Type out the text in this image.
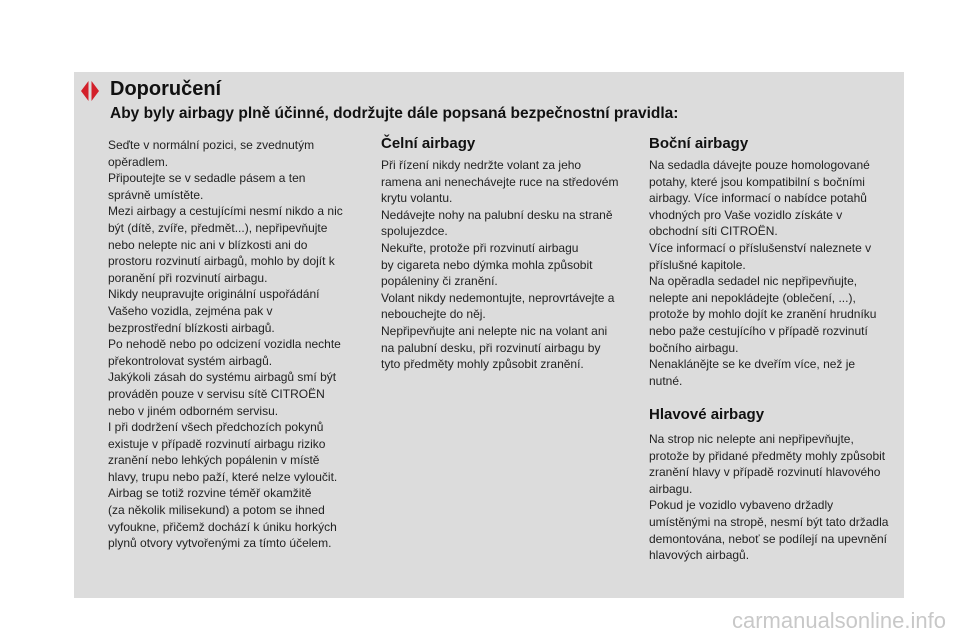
Doporučení
Aby byly airbagy plně účinné, dodržujte dále popsaná bezpečnostní pravidla:

Seďte v normální pozici, se zvednutým
opěradlem.
Připoutejte se v sedadle pásem a ten
správně umístěte.
Mezi airbagy a cestujícími nesmí nikdo a nic
být (dítě, zvíře, předmět...), nepřipevňujte
nebo nelepte nic ani v blízkosti ani do
prostoru rozvinutí airbagů, mohlo by dojít k
poranění při rozvinutí airbagu.
Nikdy neupravujte originální uspořádání
Vašeho vozidla, zejména pak v
bezprostřední blízkosti airbagů.
Po nehodě nebo po odcizení vozidla nechte
překontrolovat systém airbagů.
Jakýkoli zásah do systému airbagů smí být
prováděn pouze v servisu sítě CITROËN
nebo v jiném odborném servisu.
I při dodržení všech předchozích pokynů
existuje v případě rozvinutí airbagu riziko
zranění nebo lehkých popálenin v místě
hlavy, trupu nebo paží, které nelze vyloučit.
Airbag se totiž rozvine téměř okamžitě
(za několik milisekund) a potom se ihned
vyfoukne, přičemž dochází k úniku horkých
plynů otvory vytvořenými za tímto účelem.

Čelní airbagy

Při řízení nikdy nedržte volant za jeho
ramena ani nenechávejte ruce na středovém
krytu volantu.
Nedávejte nohy na palubní desku na straně
spolujezdce.
Nekuřte, protože při rozvinutí airbagu
by cigareta nebo dýmka mohla způsobit
popáleniny či zranění.
Volant nikdy nedemontujte, neprovrtávejte a
nebouchejte do něj.
Nepřipevňujte ani nelepte nic na volant ani
na palubní desku, při rozvinutí airbagu by
tyto předměty mohly způsobit zranění.

Boční airbagy

Na sedadla dávejte pouze homologované
potahy, které jsou kompatibilní s bočními
airbagy. Více informací o nabídce potahů
vhodných pro Vaše vozidlo získáte v
obchodní síti CITROËN.
Více informací o příslušenství naleznete v
příslušné kapitole.
Na opěradla sedadel nic nepřipevňujte,
nelepte ani nepokládejte (oblečení, ...),
protože by mohlo dojít ke zranění hrudníku
nebo paže cestujícího v případě rozvinutí
bočního airbagu.
Nenaklánějte se ke dveřím více, než je
nutné.

Hlavové airbagy

Na strop nic nelepte ani nepřipevňujte,
protože by přidané předměty mohly způsobit
zranění hlavy v případě rozvinutí hlavového
airbagu.
Pokud je vozidlo vybaveno držadly
umístěnými na stropě, nesmí být tato držadla
demontována, neboť se podílejí na upevnění
hlavových airbagů.

carmanualsonline.info
